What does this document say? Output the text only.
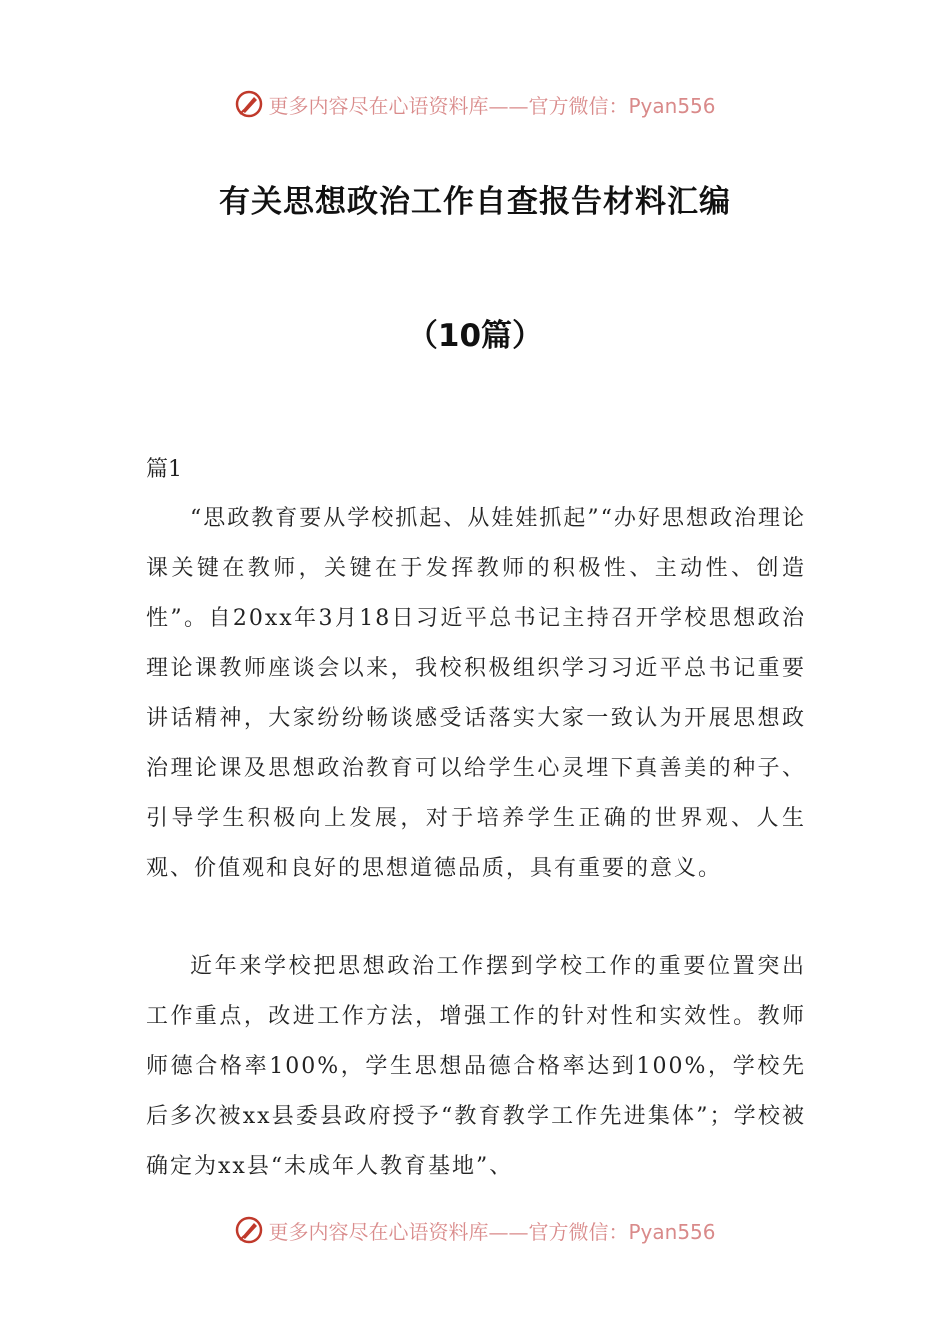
更多内容尽在心语资料库——官方微信：Pyan556
有关思想政治工作自查报告材料汇编
（10篇）
篇1

“思政教育要从学校抓起、从娃娃抓起”“办好思想政治理论课关键在教师，关键在于发挥教师的积极性、主动性、创造性”。自20xx年3月18日习近平总书记主持召开学校思想政治理论课教师座谈会以来，我校积极组织学习习近平总书记重要讲话精神，大家纷纷畅谈感受话落实大家一致认为开展思想政治理论课及思想政治教育可以给学生心灵埋下真善美的种子、引导学生积极向上发展，对于培养学生正确的世界观、人生观、价值观和良好的思想道德品质，具有重要的意义。

近年来学校把思想政治工作摆到学校工作的重要位置突出工作重点，改进工作方法，增强工作的针对性和实效性。教师师德合格率100%，学生思想品德合格率达到100%，学校先后多次被xx县委县政府授予“教育教学工作先进集体”；学校被确定为xx县“未成年人教育基地”、

更多内容尽在心语资料库——官方微信：Pyan556
